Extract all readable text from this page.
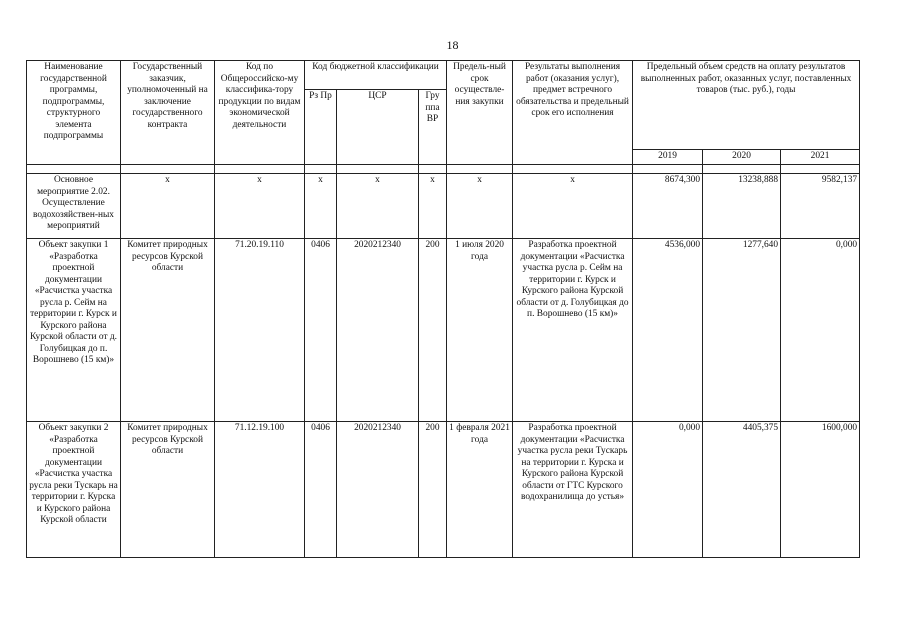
18
Наименование государственной программы, подпрограммы, структурного элемента подпрограммы	Государственный заказчик, уполномоченный на заключение государственного контракта	Код по Общероссийско-му классифика-тору продукции по видам экономической деятельности	Код бюджетной классификации			Предель-ный срок осуществле-ния закупки	Результаты выполнения работ (оказания услуг), предмет встречного обязательства и предельный срок его исполнения	Предельный объем средств на оплату результатов выполненных работ, оказанных услуг, поставленных товаров (тыс. руб.), годы		
			Рз Пр	ЦСР	Гру ппа ВР					
								2019	2020	2021

Основное мероприятие 2.02. Осуществление водохозяйствен-ных мероприятий	х	х	х	х	х	х	х	8674,300	13238,888	9582,137
Объект закупки 1 «Разработка проектной документации «Расчистка участка русла р. Сейм на территории г. Курск и Курского района Курской области от д. Голубицкая до п. Ворошнево (15 км)»	Комитет природных ресурсов Курской области	71.20.19.110	0406	2020212340	200	1 июля 2020 года	Разработка проектной документации «Расчистка участка русла р. Сейм на территории г. Курск и Курского района Курской области от д. Голубицкая до п. Ворошнево (15 км)»	4536,000	1277,640	0,000
Объект закупки 2 «Разработка проектной документации «Расчистка участка русла реки Тускарь на территории г. Курска и Курского района Курской области	Комитет природных ресурсов Курской области	71.12.19.100	0406	2020212340	200	1 февраля 2021 года	Разработка проектной документации «Расчистка участка русла реки Тускарь на территории г. Курска и Курского района Курской области от ГТС Курского водохранилища до устья»	0,000	4405,375	1600,000
